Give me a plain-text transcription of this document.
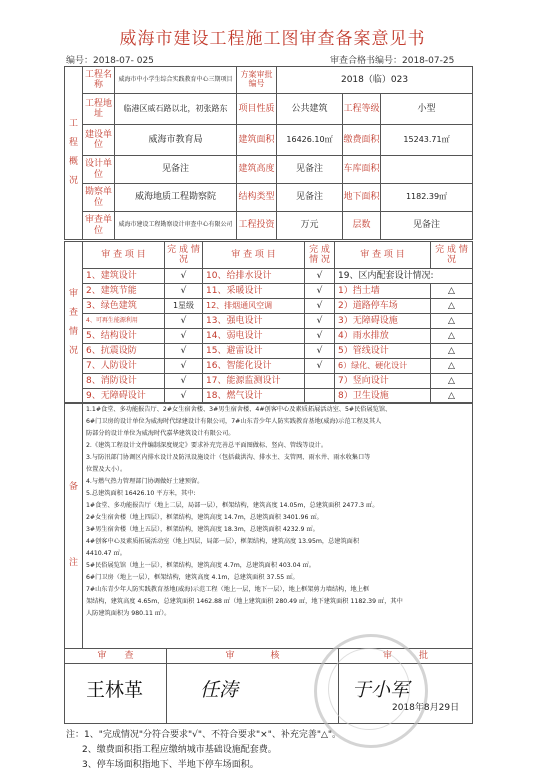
威海市建设工程施工图审查备案意见书
编号：2018-07- 025	审查合格书编号：2018-07-25
工
程
概
况	工程名称	威海市中小学生综合实践教育中心三期项目	方案审批编号	2018（临）023		
	工程地址	临港区威石路以北，初张路东	项目性质	公共建筑	工程等级	小型
	建设单位	威海市教育局	建筑面积	16426.10㎡	缴费面积	15243.71㎡
	设计单位	见备注	建筑高度	见备注	车库面积	
	勘察单位	威海地质工程勘察院	结构类型	见备注	地下面积	1182.39㎡
	审查单位	威海市建设工程勘察设计审查中心有限公司	工程投资	万元	层数	见备注
审
查
情
况	审 查 项 目	完 成 情 况	审 查 项 目	完 成 情 况	审 查 项 目	完 成 情 况
	1、建筑设计	√	10、给排水设计	√	19、区内配套设计情况:	
	2、建筑节能	√	11、采暖设计	√	1）挡土墙	△
	3、绿色建筑	1星级	12、排烟通风空调	√	2）道路停车场	△
	4、可再生能源利用	√	13、强电设计	√	3）无障碍设施	△
	5、结构设计	√	14、弱电设计	√	4）雨水排放	△
	6、抗震设防	√	15、避雷设计	√	5）管线设计	△
	7、人防设计	√	16、智能化设计	√	6）绿化、硬化设计	△
	8、消防设计	√	17、能源监测设计		7）竖向设计	△
	9、无障碍设计	√	18、燃气设计		8）卫生设施	△
备

注	
1.1#食堂、多功能报告厅、2#女生宿舍楼、3#男生宿舍楼、4#创客中心及素质拓展活动室、5#民俗展览馆、
6#门卫房的设计单位为威海时代绿建设计有限公司，7#山东青少年人防实践教育基地(威海)示范工程及其人
防部分的设计单位为威海时代嘉华建筑设计有限公司。
2.《建筑工程设计文件编制深度规定》要求补充完善总平面图做标、竖向、管线等设计。
3.与防汛部门协调区内排水设计及防汛设施设计（包括截洪沟、排水主、支管网、雨水井、雨水收集口等
位置及大小）。
4.与燃气热力管理部门协调做好土建预留。
5.总建筑面积 16426.10 平方米，其中:
1#食堂、多功能报告厅（地上二层，局部一层），框架结构，建筑高度 14.05m，总建筑面积 2477.3 ㎡。
2#女生宿舍楼（地上四层），框架结构，建筑高度 14.7m，总建筑面积 3401.96 ㎡。
3#男生宿舍楼（地上五层），框架结构，建筑高度 18.3m，总建筑面积 4232.9 ㎡。
4#创客中心及素质拓展活动室（地上四层，局部一层），框架结构，建筑高度 13.95m，总建筑面积
4410.47 ㎡。
5#民俗展览馆（地上一层），框架结构，建筑高度 4.7m，总建筑面积 403.04 ㎡。
6#门卫房（地上一层），框架结构，建筑高度 4.1m，总建筑面积 37.55 ㎡。
7#山东青少年人防实践教育基地(威海)示范工程（地上一层，地下一层），地上框架剪力墙结构，地上框
架结构，建筑高度 4.65m，总建筑面积 1462.88 ㎡（地上建筑面积 280.49 ㎡，地下建筑面积 1182.39 ㎡，其中
人防建筑面积为 980.11 ㎡）。
审　　查	审　　　　核	审　　　批

王林革	任涛	于小军
2018年8月29日
注：1、"完成情况"分符合要求"√"、不符合要求"×"、补充完善"△"。
2、缴费面积指工程应缴纳城市基础设施配套费。
3、停车场面积指地下、半地下停车场面积。
